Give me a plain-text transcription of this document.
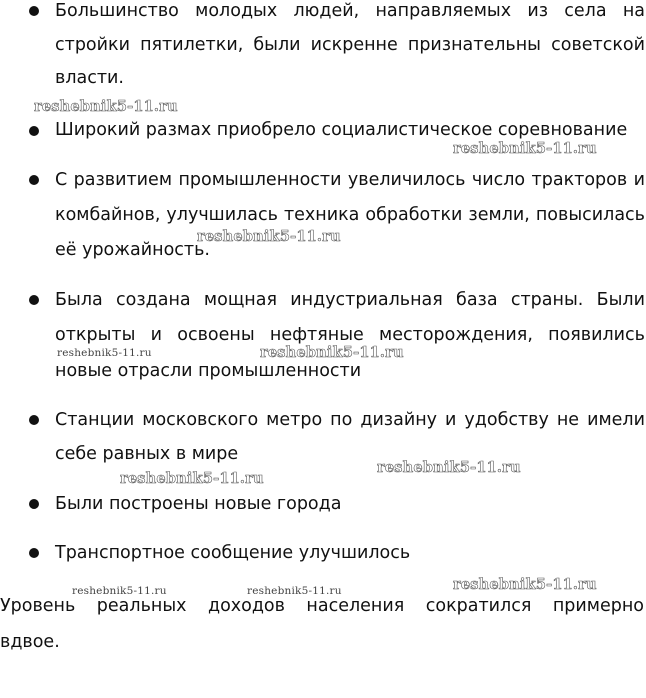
Большинство молодых людей, направляемых из села на
стройки пятилетки, были искренне признательны советской
власти.
Широкий размах приобрело социалистическое соревнование
С развитием промышленности увеличилось число тракторов и
комбайнов, улучшилась техника обработки земли, повысилась
её урожайность.
Была создана мощная индустриальная база страны. Были
открыты и освоены нефтяные месторождения, появились
новые отрасли промышленности
Станции московского метро по дизайну и удобству не имели
себе равных в мире
Были построены новые города
Транспортное сообщение улучшилось
Уровень реальных доходов населения сократился примерно
вдвое.
reshebnik5-11.ru
reshebnik5-11.ru
reshebnik5-11.ru
reshebnik5-11.ru	reshebnik5-11.ru
reshebnik5-11.ru
reshebnik5-11.ru
reshebnik5-11.ru	reshebnik5-11.ru	reshebnik5-11.ru
